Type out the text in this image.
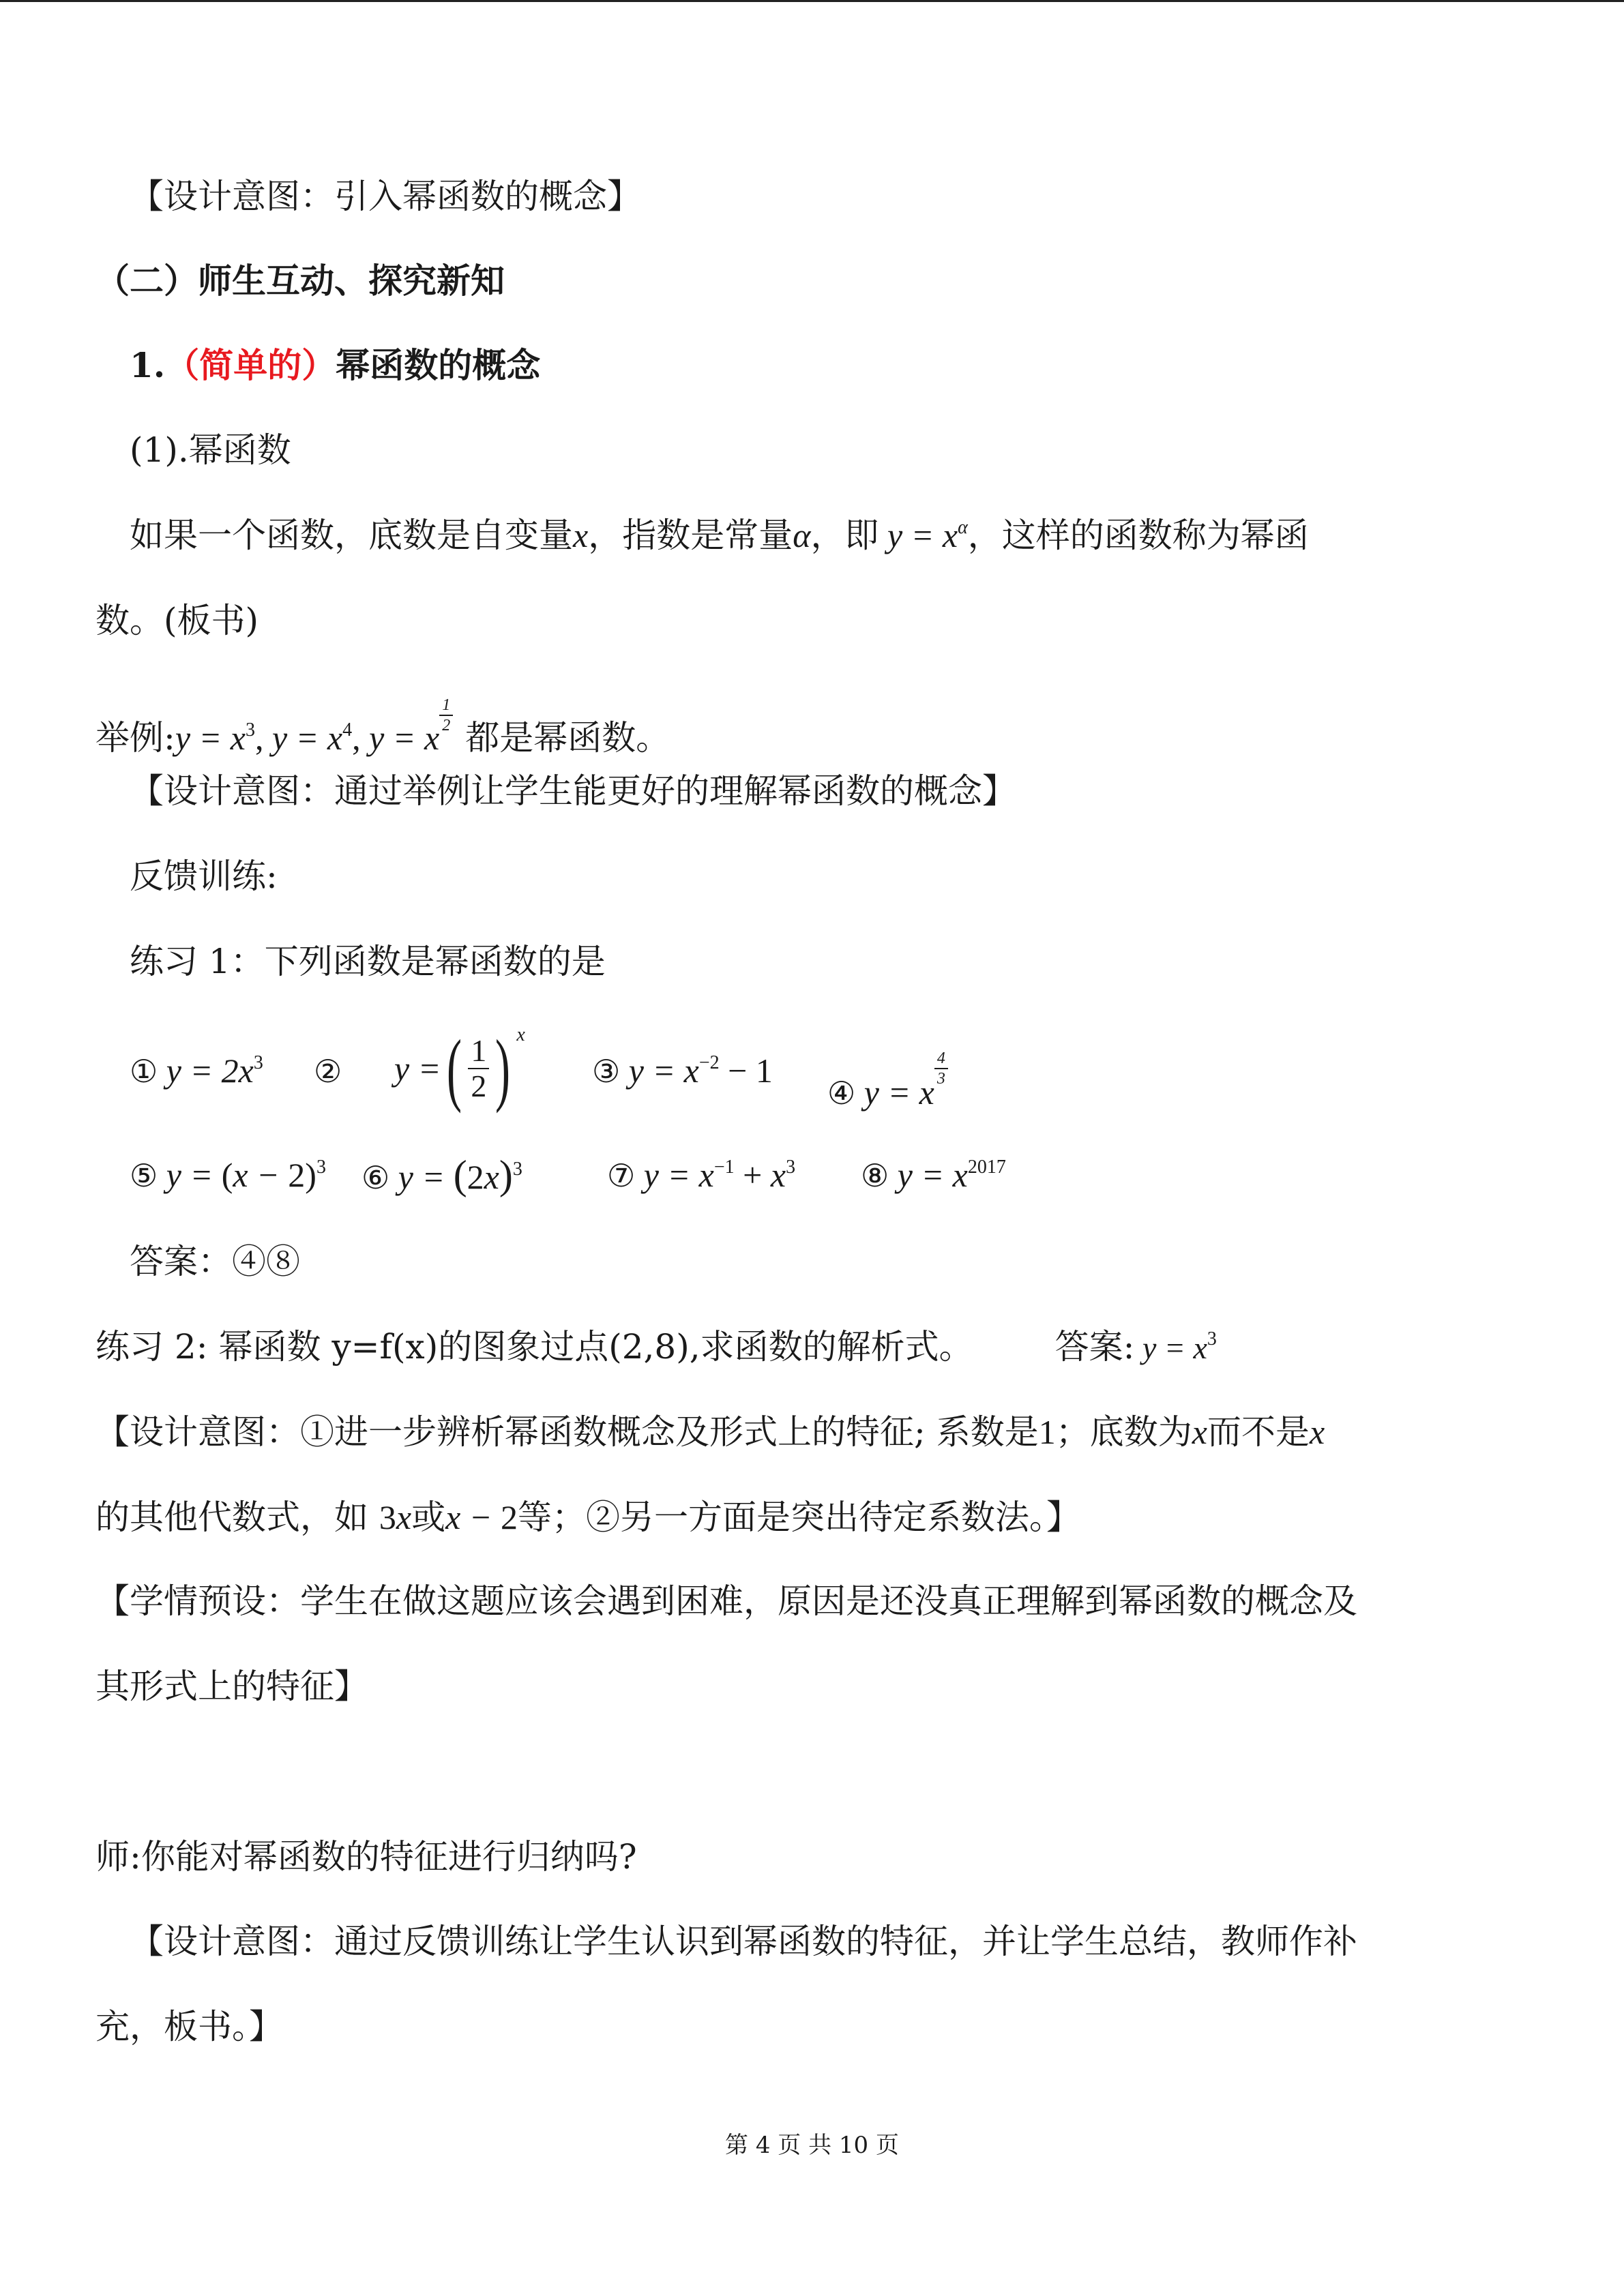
【设计意图：引入幂函数的概念】
（二）师生互动、探究新知
1.（简单的）幂函数的概念
(1).幂函数
如果一个函数，底数是自变量x，指数是常量α，即 $y = x^\alpha$，这样的函数称为幂函
数。(板书)
举例:y = $x^3$, $y = x^4$, y = x
$^{\frac{1}{2}}$
都是幂函数。
【设计意图：通过举例让学生能更好的理解幂函数的概念】
反馈训练:
练习 1：下列函数是幂函数的是
① $y = 2x^3$ ② y =( $\frac{1}{2}$ ) $^x$
③ $y = x^{-2} - 1$
④ y = x
$^{\frac{4}{3}}$
⑤ $y = (x - 2)^3$ ⑥ $y = (2x)^3$	⑦ $y = x^{-1} + x^3$ ⑧ $y = x^{2017}$
答案：④⑧
练习 2: 幂函数 y=f(x)的图象过点(2,8),求函数的解析式。 答案: $y = x^3$
【设计意图：①进一步辨析幂函数概念及形式上的特征; 系数是1；底数为x而不是x
的其他代数式，如 3x或x − 2等；②另一方面是突出待定系数法。】
【学情预设：学生在做这题应该会遇到困难，原因是还没真正理解到幂函数的概念及
其形式上的特征】
师:你能对幂函数的特征进行归纳吗?
【设计意图：通过反馈训练让学生认识到幂函数的特征，并让学生总结，教师作补
充，板书。】
第 4 页 共 10 页
